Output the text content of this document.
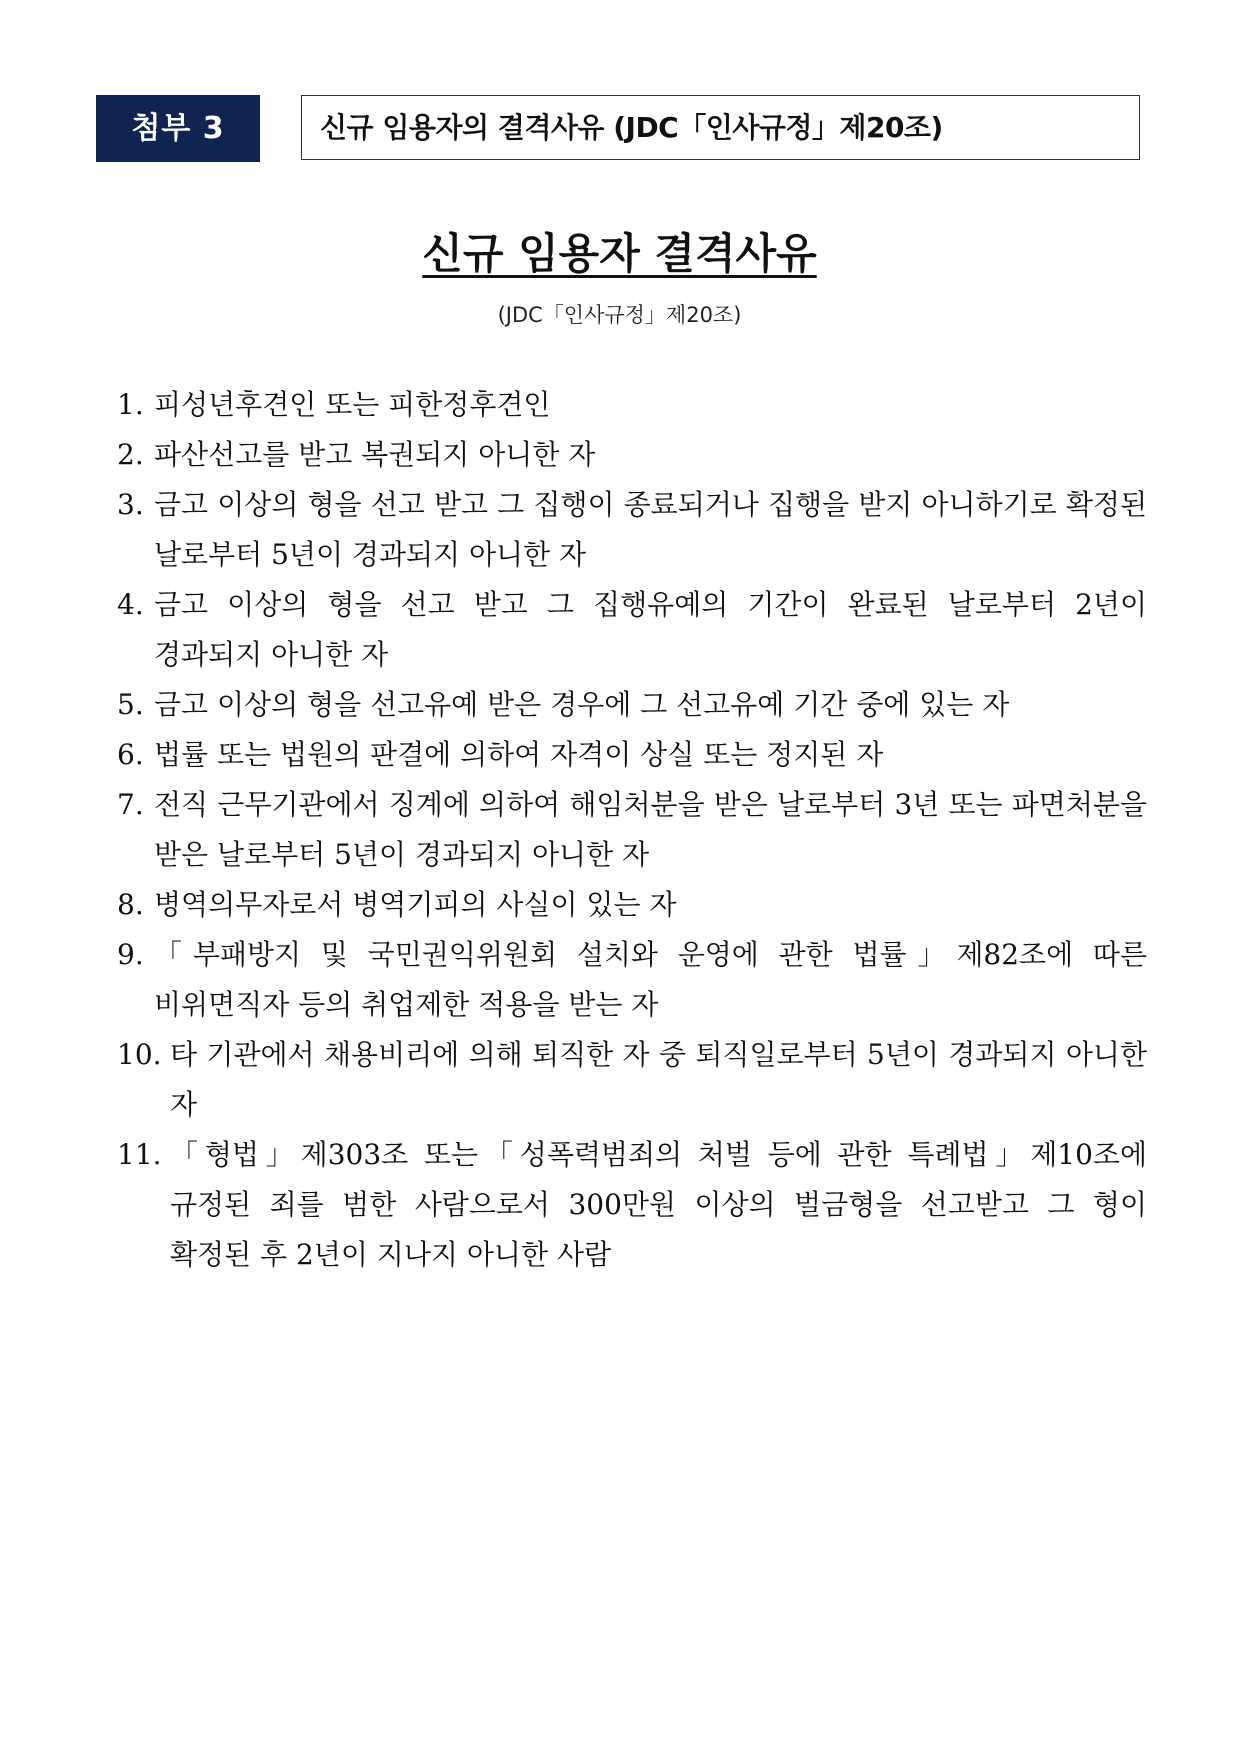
첨부 3	신규 임용자의 결격사유 (JDC「인사규정」제20조)
신규 임용자 결격사유
(JDC「인사규정」제20조)
1. 피성년후견인 또는 피한정후견인
2. 파산선고를 받고 복권되지 아니한 자
3. 금고 이상의 형을 선고 받고 그 집행이 종료되거나 집행을 받지 아니하기로 확정된 날로부터 5년이 경과되지 아니한 자
4. 금고 이상의 형을 선고 받고 그 집행유예의 기간이 완료된 날로부터 2년이 경과되지 아니한 자
5. 금고 이상의 형을 선고유예 받은 경우에 그 선고유예 기간 중에 있는 자
6. 법률 또는 법원의 판결에 의하여 자격이 상실 또는 정지된 자
7. 전직 근무기관에서 징계에 의하여 해임처분을 받은 날로부터 3년 또는 파면처분을 받은 날로부터 5년이 경과되지 아니한 자
8. 병역의무자로서 병역기피의 사실이 있는 자
9. 「부패방지 및 국민권익위원회 설치와 운영에 관한 법률」제82조에 따른 비위면직자 등의 취업제한 적용을 받는 자
10. 타 기관에서 채용비리에 의해 퇴직한 자 중 퇴직일로부터 5년이 경과되지 아니한 자
11. 「형법」제303조 또는「성폭력범죄의 처벌 등에 관한 특례법」제10조에 규정된 죄를 범한 사람으로서 300만원 이상의 벌금형을 선고받고 그 형이 확정된 후 2년이 지나지 아니한 사람
